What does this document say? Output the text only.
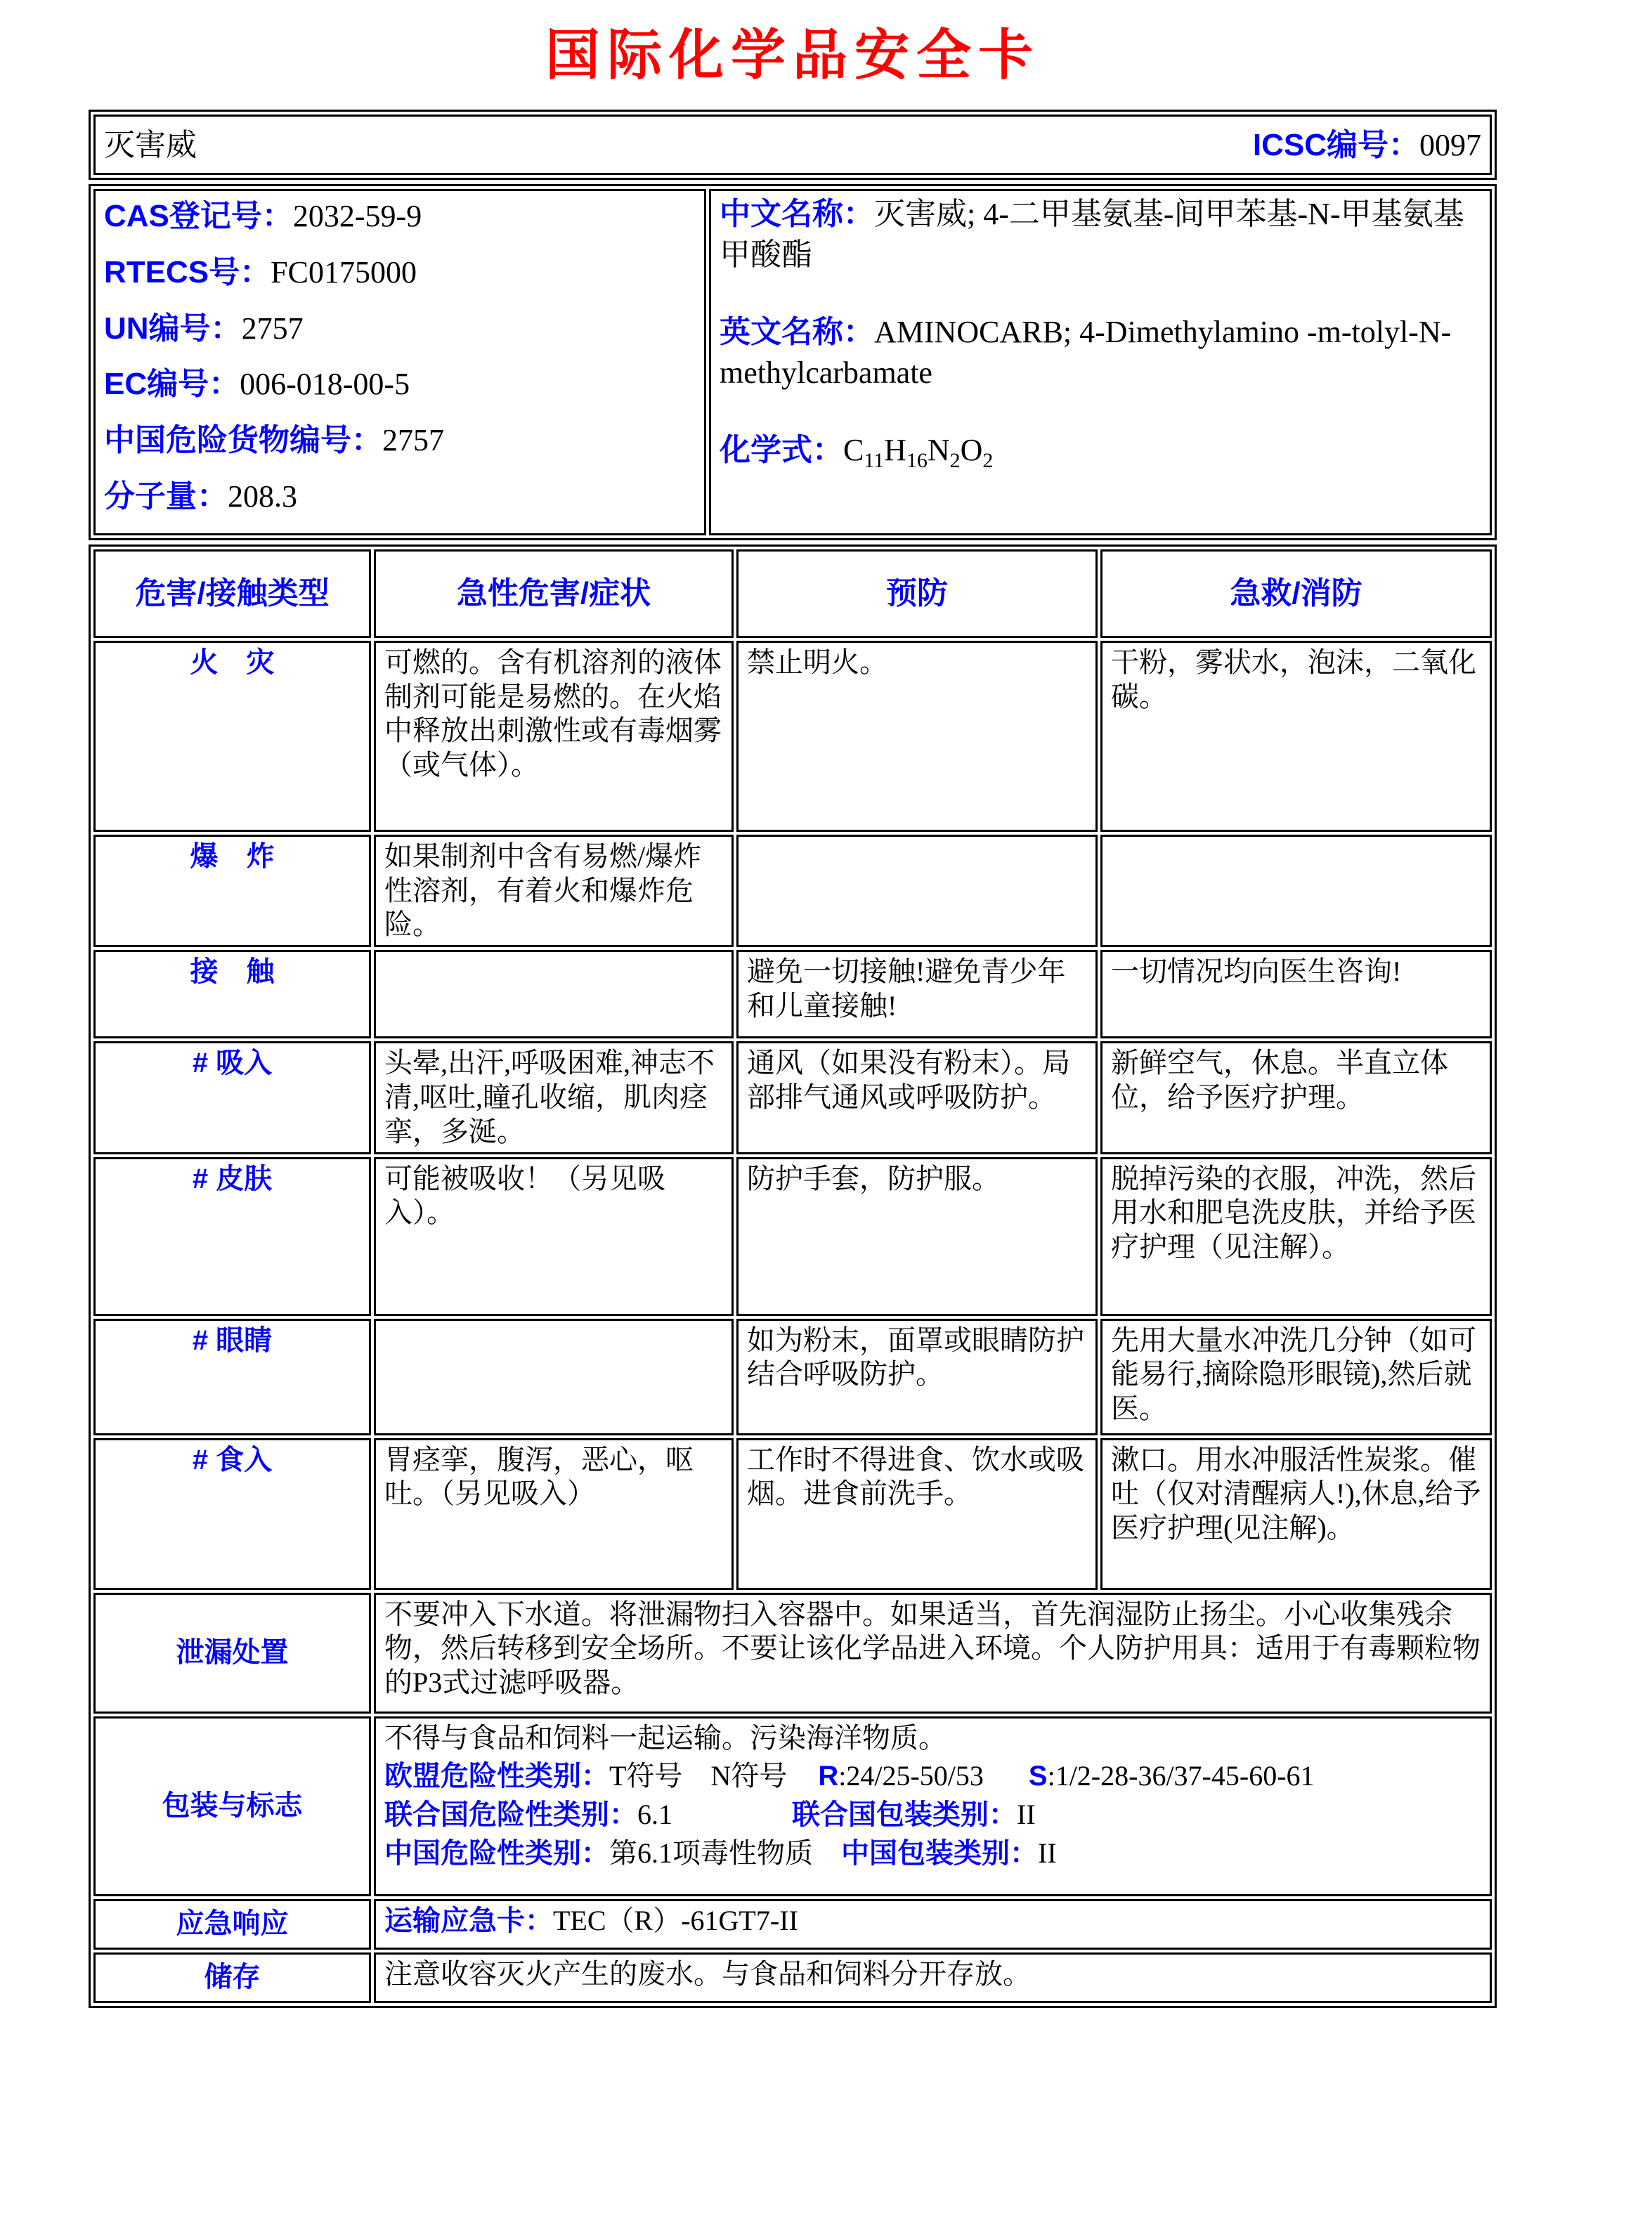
国际化学品安全卡
灭害威	ICSC编号：0097
CAS登记号：2032-59-9
RTECS号：FC0175000
UN编号：2757
EC编号：006-018-00-5
中国危险货物编号：2757
分子量：208.3

中文名称：灭害威; 4-二甲基氨基-间甲苯基-N-甲基氨基甲酸酯
英文名称：AMINOCARB; 4-Dimethylamino -m-tolyl-N-methylcarbamate
化学式：$C_{11}H_{16}N_2O_2$
危害/接触类型	急性危害/症状	预防	急救/消防
火　灾	可燃的。含有机溶剂的液体制剂可能是易燃的。在火焰中释放出刺激性或有毒烟雾（或气体）。	禁止明火。	干粉，雾状水，泡沫，二氧化碳。
爆　炸	如果制剂中含有易燃/爆炸性溶剂，有着火和爆炸危险。		
接　触		避免一切接触!避免青少年和儿童接触!	一切情况均向医生咨询!
# 吸入	头晕,出汗,呼吸困难,神志不清,呕吐,瞳孔收缩，肌肉痉挛，多涎。	通风（如果没有粉末）。局部排气通风或呼吸防护。	新鲜空气，休息。半直立体位，给予医疗护理。
# 皮肤	可能被吸收！（另见吸入）。	防护手套，防护服。	脱掉污染的衣服，冲洗，然后用水和肥皂洗皮肤，并给予医疗护理（见注解）。
# 眼睛		如为粉末，面罩或眼睛防护结合呼吸防护。	先用大量水冲洗几分钟（如可能易行,摘除隐形眼镜),然后就医。
# 食入	胃痉挛，腹泻，恶心，呕吐。（另见吸入）	工作时不得进食、饮水或吸烟。进食前洗手。	漱口。用水冲服活性炭浆。催吐（仅对清醒病人!),休息,给予医疗护理(见注解)。
泄漏处置	不要冲入下水道。将泄漏物扫入容器中。如果适当，首先润湿防止扬尘。小心收集残余物，然后转移到安全场所。不要让该化学品进入环境。个人防护用具：适用于有毒颗粒物的P3式过滤呼吸器。		
包装与标志	不得与食品和饲料一起运输。污染海洋物质。
欧盟危险性类别：T符号　N符号 R:24/25-50/53 S:1/2-28-36/37-45-60-61
联合国危险性类别：6.1 联合国包装类别：II
中国危险性类别：第6.1项毒性物质 中国包装类别：II		

应急响应	运输应急卡：TEC（R）-61GT7-II		
储存	注意收容灭火产生的废水。与食品和饲料分开存放。		
